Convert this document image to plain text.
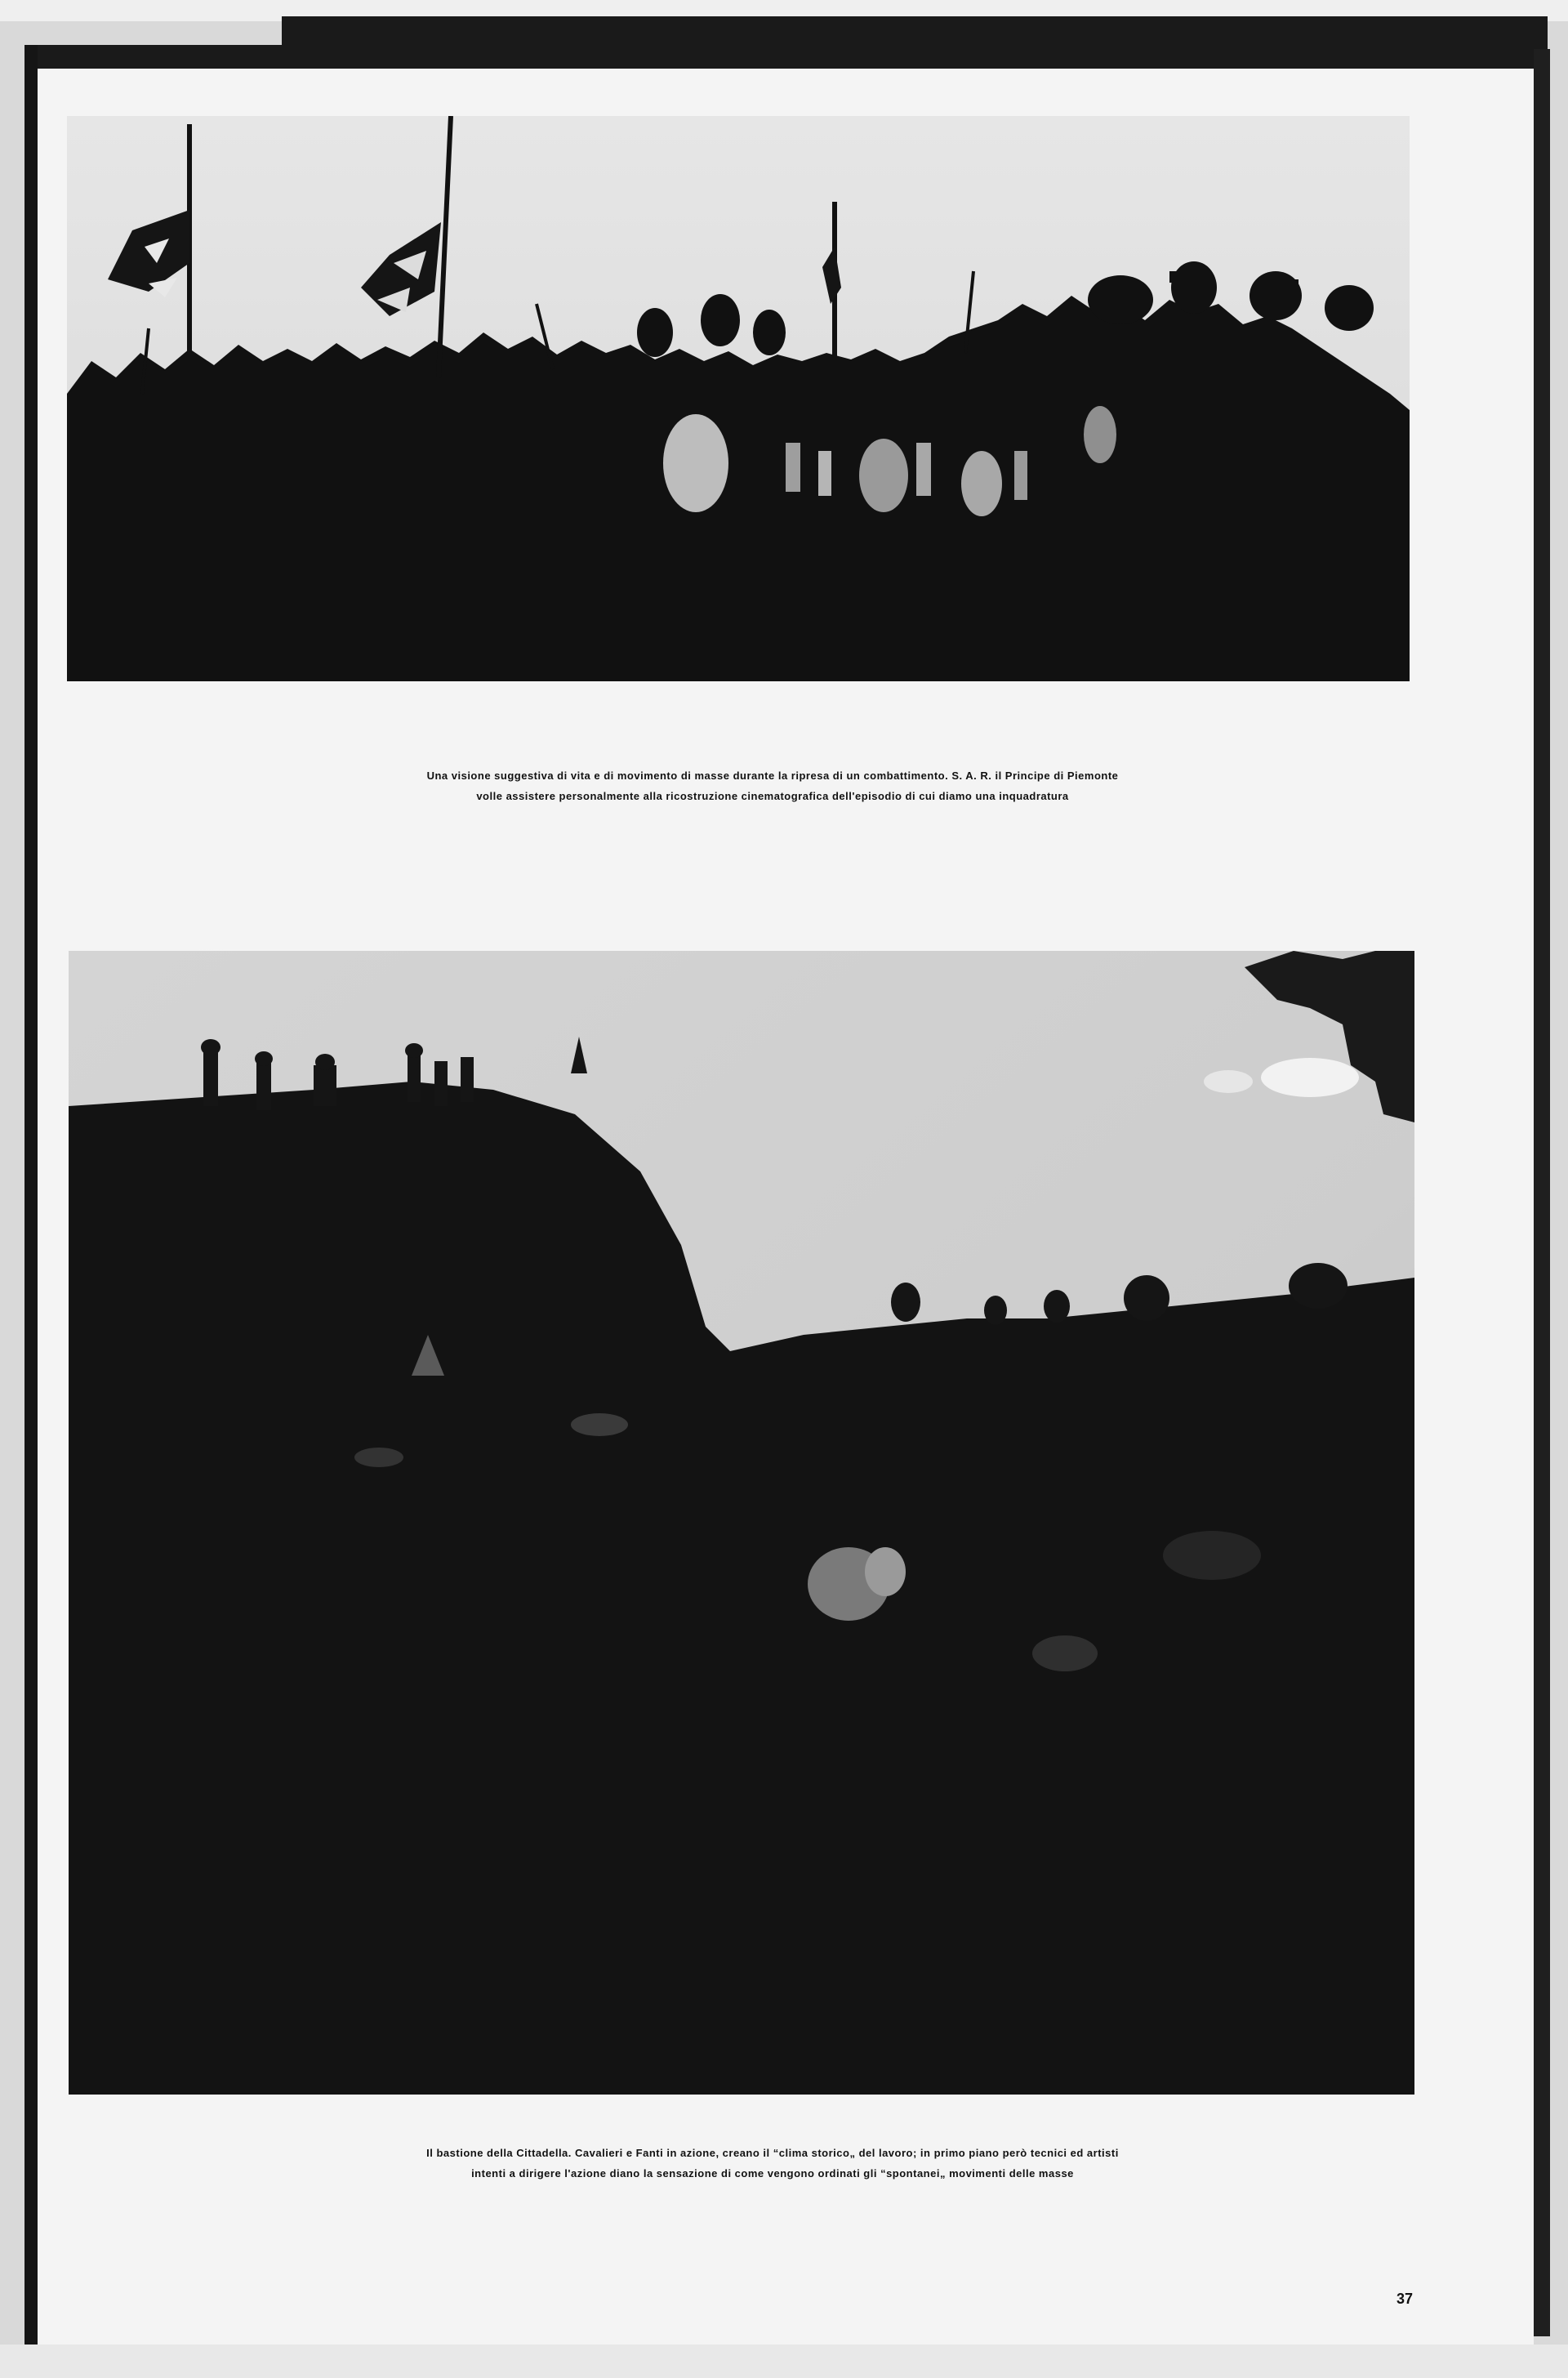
Una visione suggestiva di vita e di movimento di masse durante la ripresa di un combattimento. S. A. R. il Principe di Piemonte volle assistere personalmente alla ricostruzione cinematografica dell'episodio di cui diamo una inquadratura

Il bastione della Cittadella. Cavalieri e Fanti in azione, creano il “clima storico„ del lavoro; in primo piano però tecnici ed artisti intenti a dirigere l'azione diano la sensazione di come vengono ordinati gli “spontanei„ movimenti delle masse

37
